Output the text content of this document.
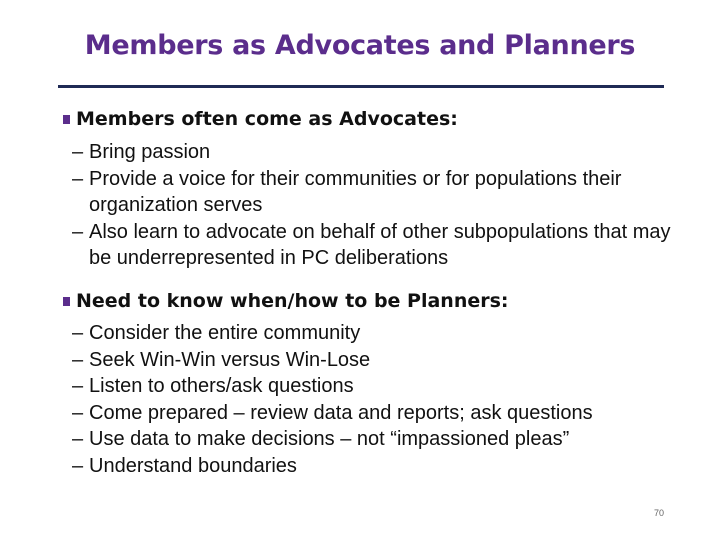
Members as Advocates and Planners
Members often come as Advocates:
– Bring passion
– Provide a voice for their communities or for populations their organization serves
– Also learn to advocate on behalf of other subpopulations that may be underrepresented in PC deliberations
Need to know when/how to be Planners:
– Consider the entire community
– Seek Win-Win versus Win-Lose
– Listen to others/ask questions
– Come prepared – review data and reports; ask questions
– Use data to make decisions – not “impassioned pleas”
– Understand boundaries
70
